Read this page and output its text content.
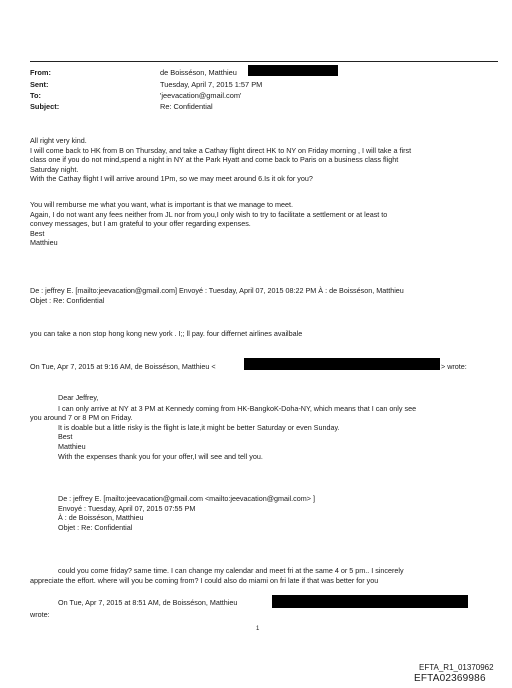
From:	de Boisséson, Matthieu
Sent:	Tuesday, April 7, 2015 1:57 PM
To:	'jeevacation@gmail.com'
Subject:	Re: Confidential
All right very kind.
I will come back to HK from B on Thursday, and take a Cathay flight direct HK to NY on Friday morning , I will take a first
class one if you do not mind,spend a night in NY at the Park Hyatt and come back to Paris on a business class flight
Saturday night.
With the Cathay flight I will arrive around 1Pm, so we may meet around 6.Is it ok for you?
You will remburse me what you want, what is important is that we manage to meet.
Again, I do not want any fees neither from JL nor from you,I only wish to try to facilitate a settlement or at least to
convey messages, but I am grateful to your offer regarding expenses.
Best
Matthieu
De : jeffrey E. [mailto:jeevacation@gmail.com] Envoyé : Tuesday, April 07, 2015 08:22 PM À : de Boisséson, Matthieu
Objet : Re: Confidential
you can take a non stop hong kong new york . I;; ll pay. four differnet airlines availbale
On Tue, Apr 7, 2015 at 9:16 AM, de Boisséson, Matthieu <	> wrote:
Dear Jeffrey,
I can only arrive at NY at 3 PM at Kennedy coming from HK-BangkoK-Doha-NY, which means that I can only see
you around 7 or 8 PM on Friday.
It is doable but a little risky is the flight is late,it might be better Saturday or even Sunday.
Best
Matthieu
With the expenses thank you for your offer,I will see and tell you.
De : jeffrey E. [mailto:jeevacation@gmail.com <mailto:jeevacation@gmail.com> ]
Envoyé : Tuesday, April 07, 2015 07:55 PM
À : de Boisséson, Matthieu
Objet : Re: Confidential
could you come friday? same time. I can change my calendar and meet fri at the same 4 or 5 pm.. I sincerely
appreciate the effort. where will you be coming from? I could also do miami on fri late if that was better for you
On Tue, Apr 7, 2015 at 8:51 AM, de Boisséson, Matthieu
wrote:
1
EFTA_R1_01370962
EFTA02369986
